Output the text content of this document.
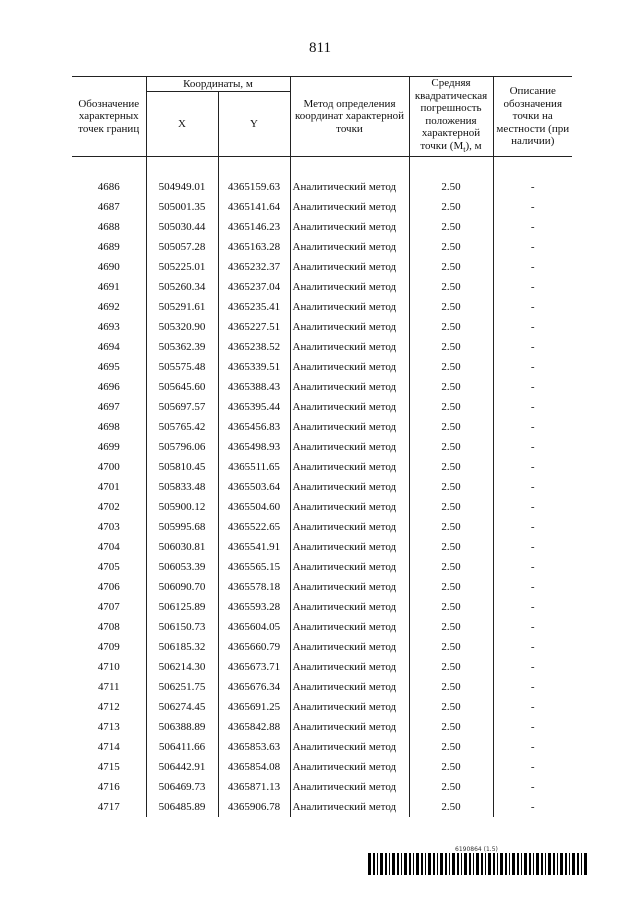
811
Обозначение характерных точек границ	Координаты, м		Метод определения координат характерной точки	Средняя квадратическая погрешность положения характерной точки $(M_t)$, м	Описание обозначения точки на местности (при наличии)
	X	Y			

4686	504949.01	4365159.63	Аналитический метод	2.50	-
4687	505001.35	4365141.64	Аналитический метод	2.50	-
4688	505030.44	4365146.23	Аналитический метод	2.50	-
4689	505057.28	4365163.28	Аналитический метод	2.50	-
4690	505225.01	4365232.37	Аналитический метод	2.50	-
4691	505260.34	4365237.04	Аналитический метод	2.50	-
4692	505291.61	4365235.41	Аналитический метод	2.50	-
4693	505320.90	4365227.51	Аналитический метод	2.50	-
4694	505362.39	4365238.52	Аналитический метод	2.50	-
4695	505575.48	4365339.51	Аналитический метод	2.50	-
4696	505645.60	4365388.43	Аналитический метод	2.50	-
4697	505697.57	4365395.44	Аналитический метод	2.50	-
4698	505765.42	4365456.83	Аналитический метод	2.50	-
4699	505796.06	4365498.93	Аналитический метод	2.50	-
4700	505810.45	4365511.65	Аналитический метод	2.50	-
4701	505833.48	4365503.64	Аналитический метод	2.50	-
4702	505900.12	4365504.60	Аналитический метод	2.50	-
4703	505995.68	4365522.65	Аналитический метод	2.50	-
4704	506030.81	4365541.91	Аналитический метод	2.50	-
4705	506053.39	4365565.15	Аналитический метод	2.50	-
4706	506090.70	4365578.18	Аналитический метод	2.50	-
4707	506125.89	4365593.28	Аналитический метод	2.50	-
4708	506150.73	4365604.05	Аналитический метод	2.50	-
4709	506185.32	4365660.79	Аналитический метод	2.50	-
4710	506214.30	4365673.71	Аналитический метод	2.50	-
4711	506251.75	4365676.34	Аналитический метод	2.50	-
4712	506274.45	4365691.25	Аналитический метод	2.50	-
4713	506388.89	4365842.88	Аналитический метод	2.50	-
4714	506411.66	4365853.63	Аналитический метод	2.50	-
4715	506442.91	4365854.08	Аналитический метод	2.50	-
4716	506469.73	4365871.13	Аналитический метод	2.50	-
4717	506485.89	4365906.78	Аналитический метод	2.50	-
6190864 (1.5)
